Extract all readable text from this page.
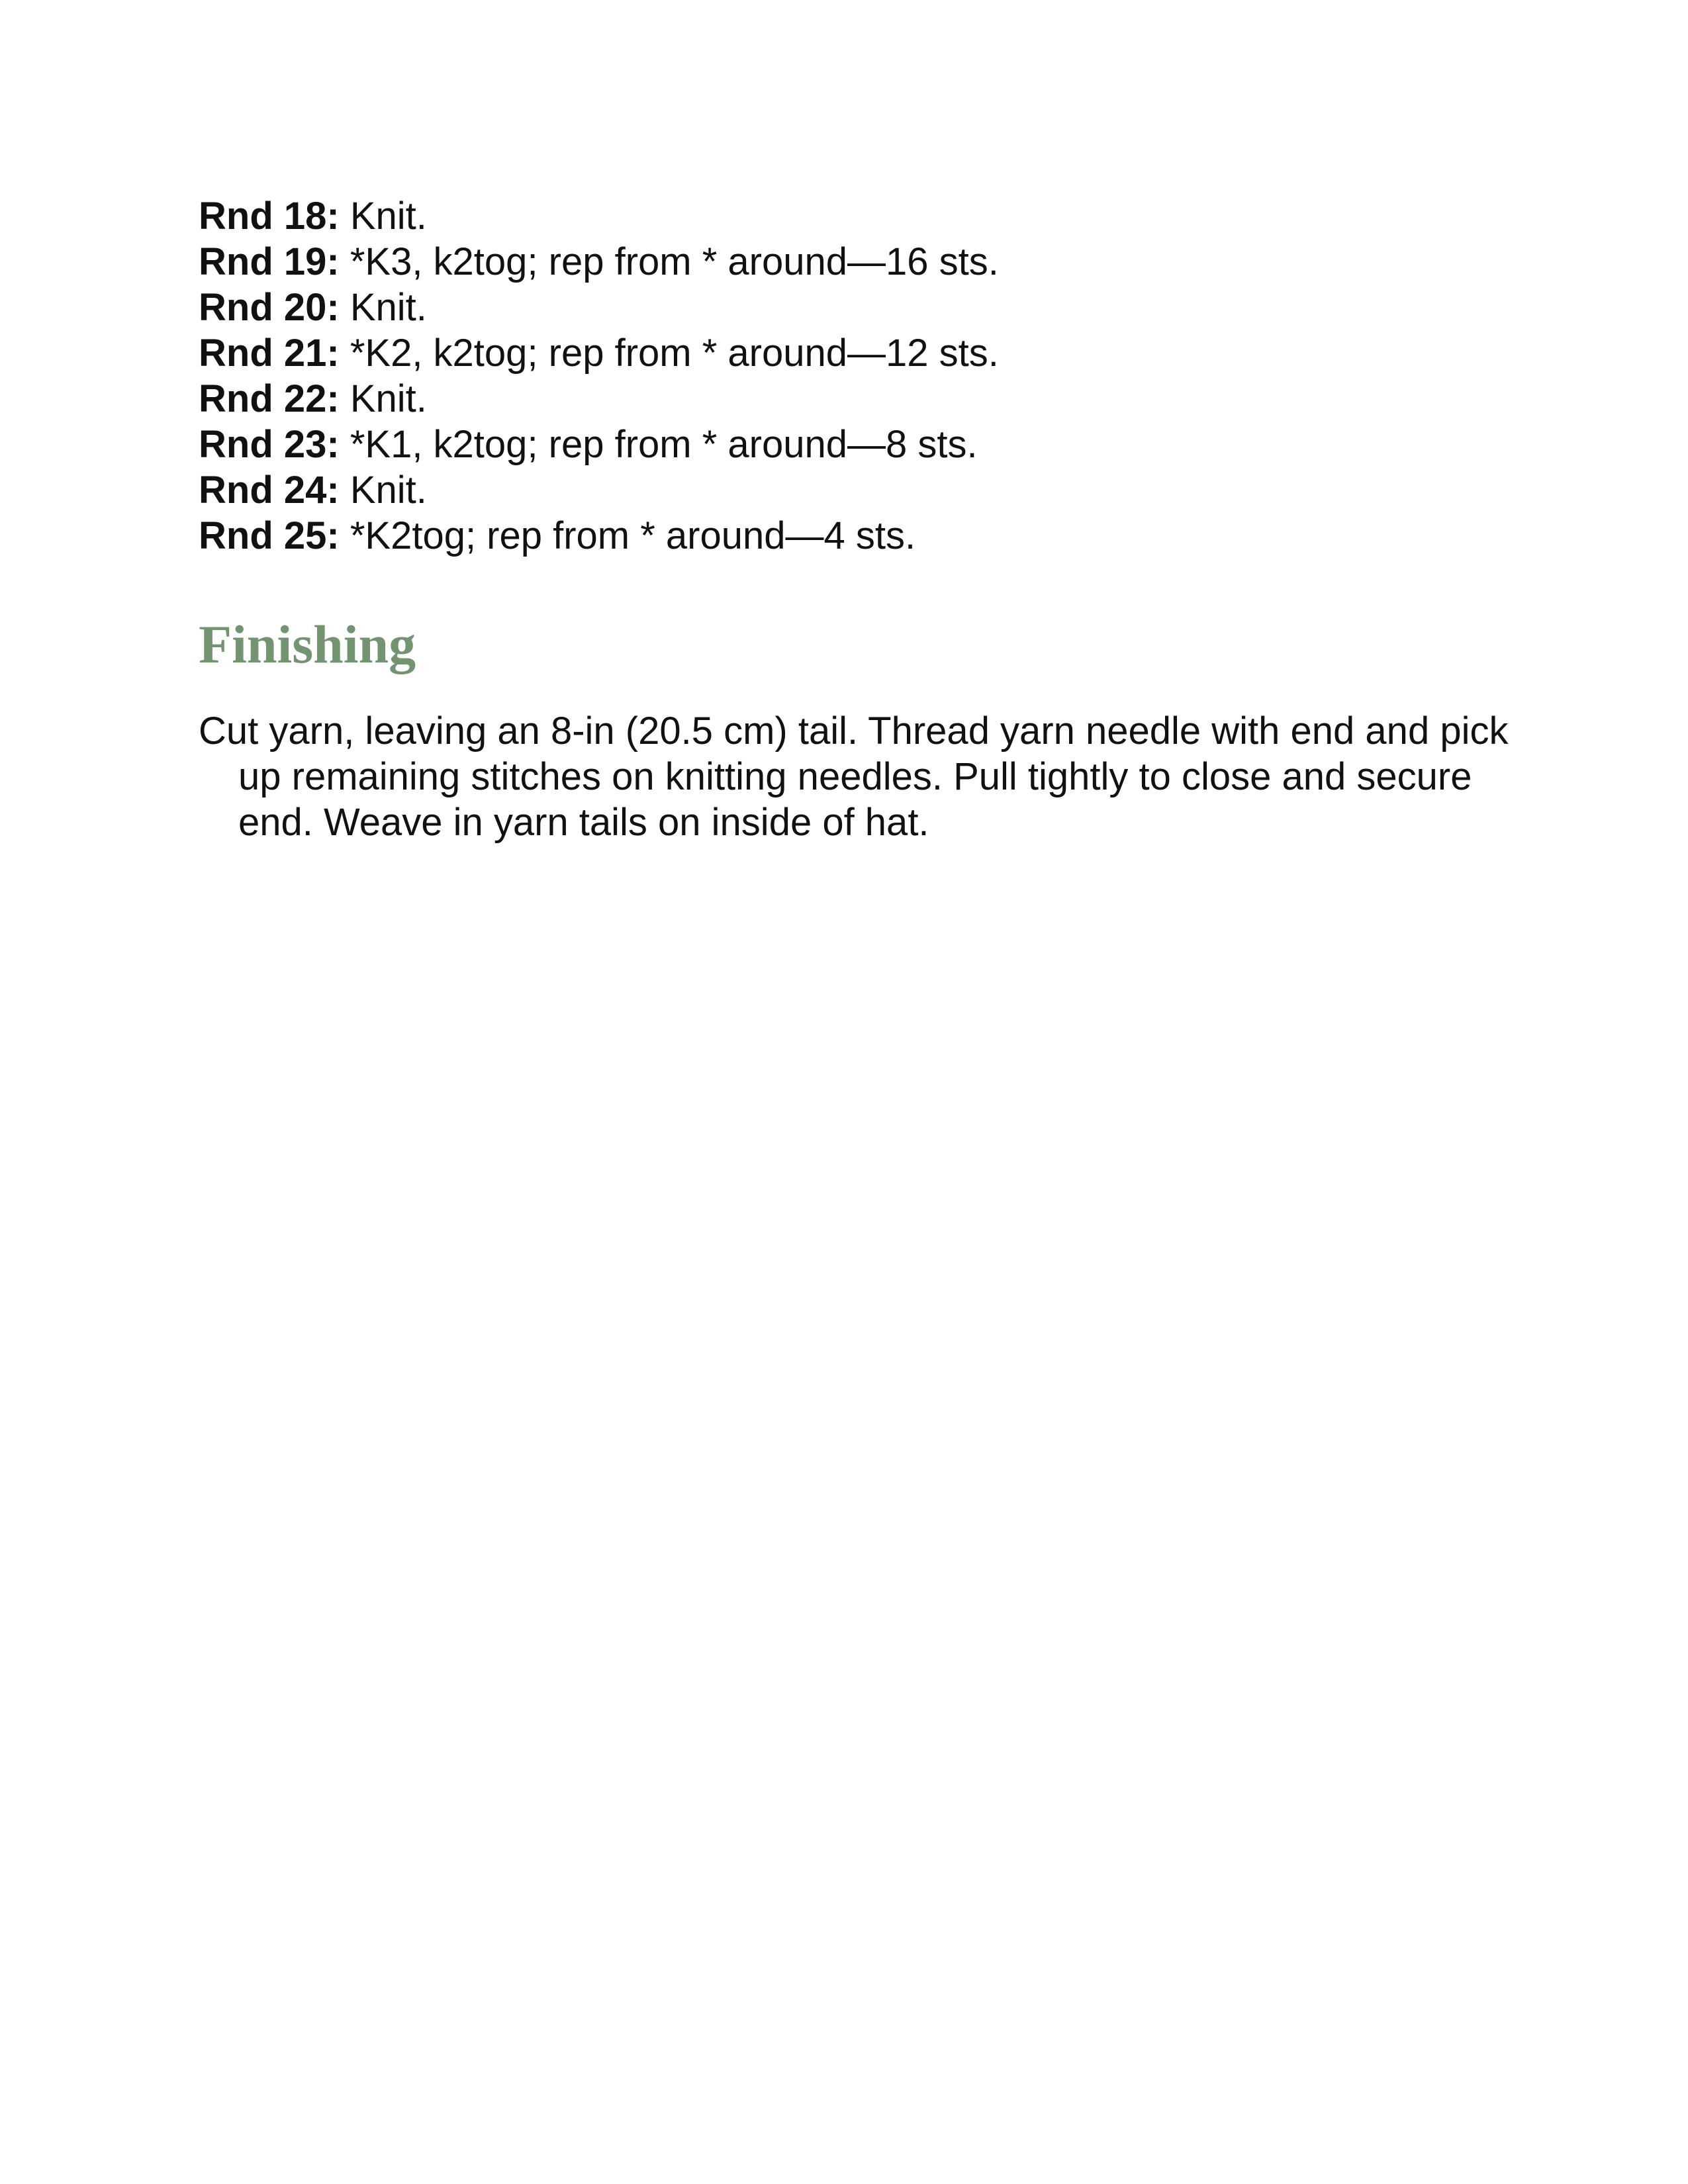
Rnd 18: Knit.
Rnd 19: *K3, k2tog; rep from * around—16 sts.
Rnd 20: Knit.
Rnd 21: *K2, k2tog; rep from * around—12 sts.
Rnd 22: Knit.
Rnd 23: *K1, k2tog; rep from * around—8 sts.
Rnd 24: Knit.
Rnd 25: *K2tog; rep from * around—4 sts.
Finishing

Cut yarn, leaving an 8-in (20.5 cm) tail. Thread yarn needle with end and pick up remaining stitches on knitting needles. Pull tightly to close and secure end. Weave in yarn tails on inside of hat.
